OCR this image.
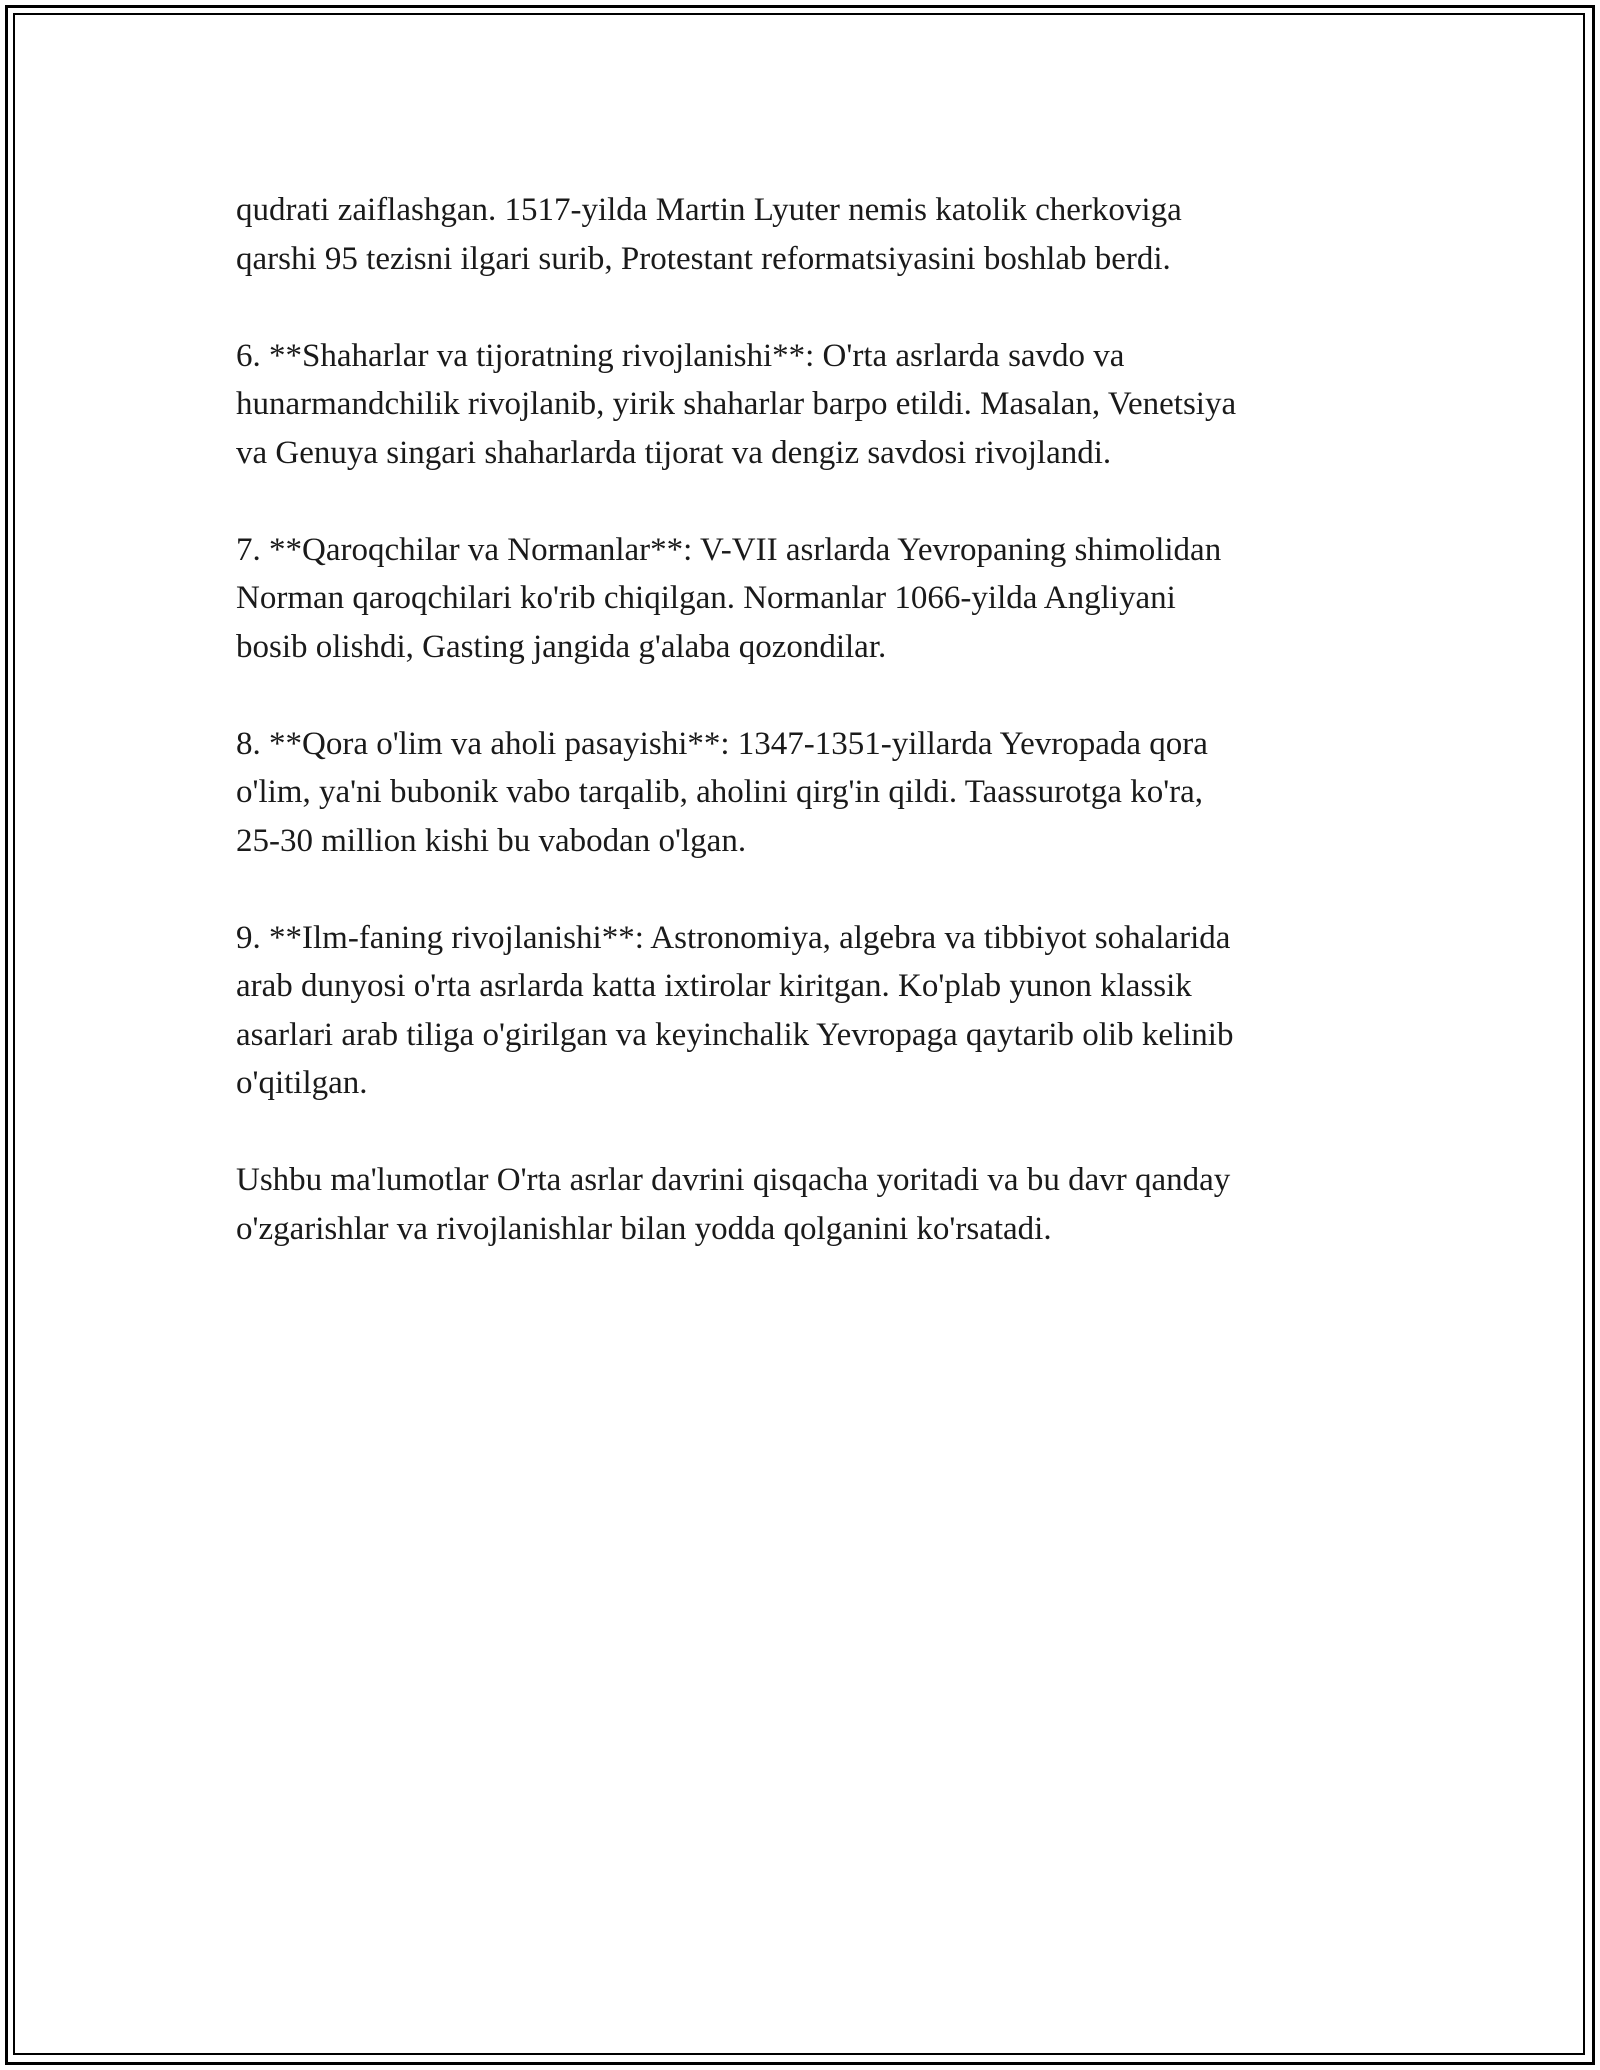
qudrati zaiflashgan. 1517-yilda Martin Lyuter nemis katolik cherkoviga
qarshi 95 tezisni ilgari surib, Protestant reformatsiyasini boshlab berdi.

6. **Shaharlar va tijoratning rivojlanishi**: O'rta asrlarda savdo va
hunarmandchilik rivojlanib, yirik shaharlar barpo etildi. Masalan, Venetsiya
va Genuya singari shaharlarda tijorat va dengiz savdosi rivojlandi.

7. **Qaroqchilar va Normanlar**: V-VII asrlarda Yevropaning shimolidan
Norman qaroqchilari ko'rib chiqilgan. Normanlar 1066-yilda Angliyani
bosib olishdi, Gasting jangida g'alaba qozondilar.

8. **Qora o'lim va aholi pasayishi**: 1347-1351-yillarda Yevropada qora
o'lim, ya'ni bubonik vabo tarqalib, aholini qirg'in qildi. Taassurotga ko'ra,
25-30 million kishi bu vabodan o'lgan.

9. **Ilm-faning rivojlanishi**: Astronomiya, algebra va tibbiyot sohalarida
arab dunyosi o'rta asrlarda katta ixtirolar kiritgan. Ko'plab yunon klassik
asarlari arab tiliga o'girilgan va keyinchalik Yevropaga qaytarib olib kelinib
o'qitilgan.

Ushbu ma'lumotlar O'rta asrlar davrini qisqacha yoritadi va bu davr qanday
o'zgarishlar va rivojlanishlar bilan yodda qolganini ko'rsatadi.
